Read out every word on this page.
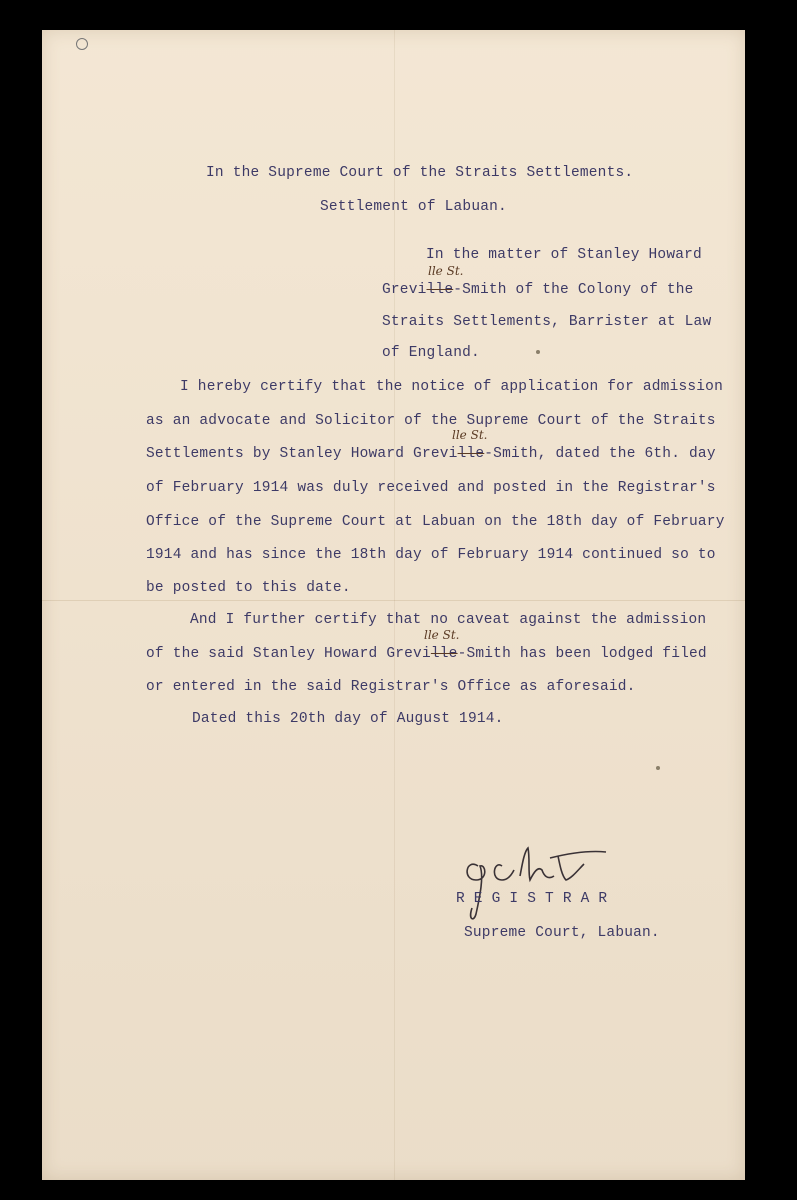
In the Supreme Court of the Straits Settlements.
Settlement of Labuan.
In the matter of Stanley Howard
lle St.
Greville-Smith of the Colony of the
Straits Settlements, Barrister at Law
of England.
I hereby certify that the notice of application for admission
as an advocate and Solicitor of the Supreme Court of the Straits
lle St.
Settlements by Stanley Howard Greville-Smith, dated the 6th. day
of February 1914 was duly received and posted in the Registrar's
Office of the Supreme Court at Labuan on the 18th day of February
1914 and has since the 18th day of February 1914 continued so to
be posted to this date.
And I further certify that no caveat against the admission
lle St.
of the said Stanley Howard Greville-Smith has been lodged filed
or entered in the said Registrar's Office as aforesaid.
Dated this 20th day of August 1914.
R E G I S T R A R
Supreme Court, Labuan.
